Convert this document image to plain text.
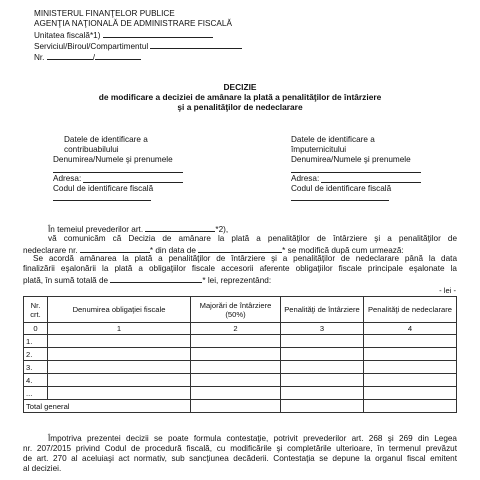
MINISTERUL FINANŢELOR PUBLICE
AGENŢIA NAŢIONALĂ DE ADMINISTRARE FISCALĂ
Unitatea fiscală*1)
Serviciul/Biroul/Compartimentul
Nr.	/
DECIZIE
de modificare a deciziei de amânare la plată a penalităţilor de întârziere
şi a penalităţilor de nedeclarare
Datele de identificare a
contribuabilului
Denumirea/Numele şi prenumele
Adresa:
Codul de identificare fiscală
Datele de identificare a
împuternicitului
Denumirea/Numele şi prenumele
Adresa:
Codul de identificare fiscală
În temeiul prevederilor art.	*2),
vă comunicăm că Decizia de amânare la plată a penalităţilor de întârziere şi a penalităţilor de
nedeclarare nr.	* din data de	* se modifică după cum urmează:
Se acordă amânarea la plată a penalităţilor de întârziere şi a penalităţilor de nedeclarare până la data
finalizării eşalonării la plată a obligaţiilor fiscale accesorii aferente obligaţiilor fiscale principale eşalonate la
plată, în sumă totală de	* lei, reprezentând:
- lei -
Nr. crt.	Denumirea obligaţiei fiscale	Majorări de întârziere (50%)	Penalităţi de întârziere	Penalităţi de nedeclarare
0	1	2	3	4
1.				
2.				
3.				
4.				
...				
Total general				
Împotriva prezentei decizii se poate formula contestaţie, potrivit prevederilor art. 268 şi 269 din Legea
nr. 207/2015 privind Codul de procedură fiscală, cu modificările şi completările ulterioare, în termenul prevăzut
de art. 270 al aceluiaşi act normativ, sub sancţiunea decăderii. Contestaţia se depune la organul fiscal emitent
al deciziei.
